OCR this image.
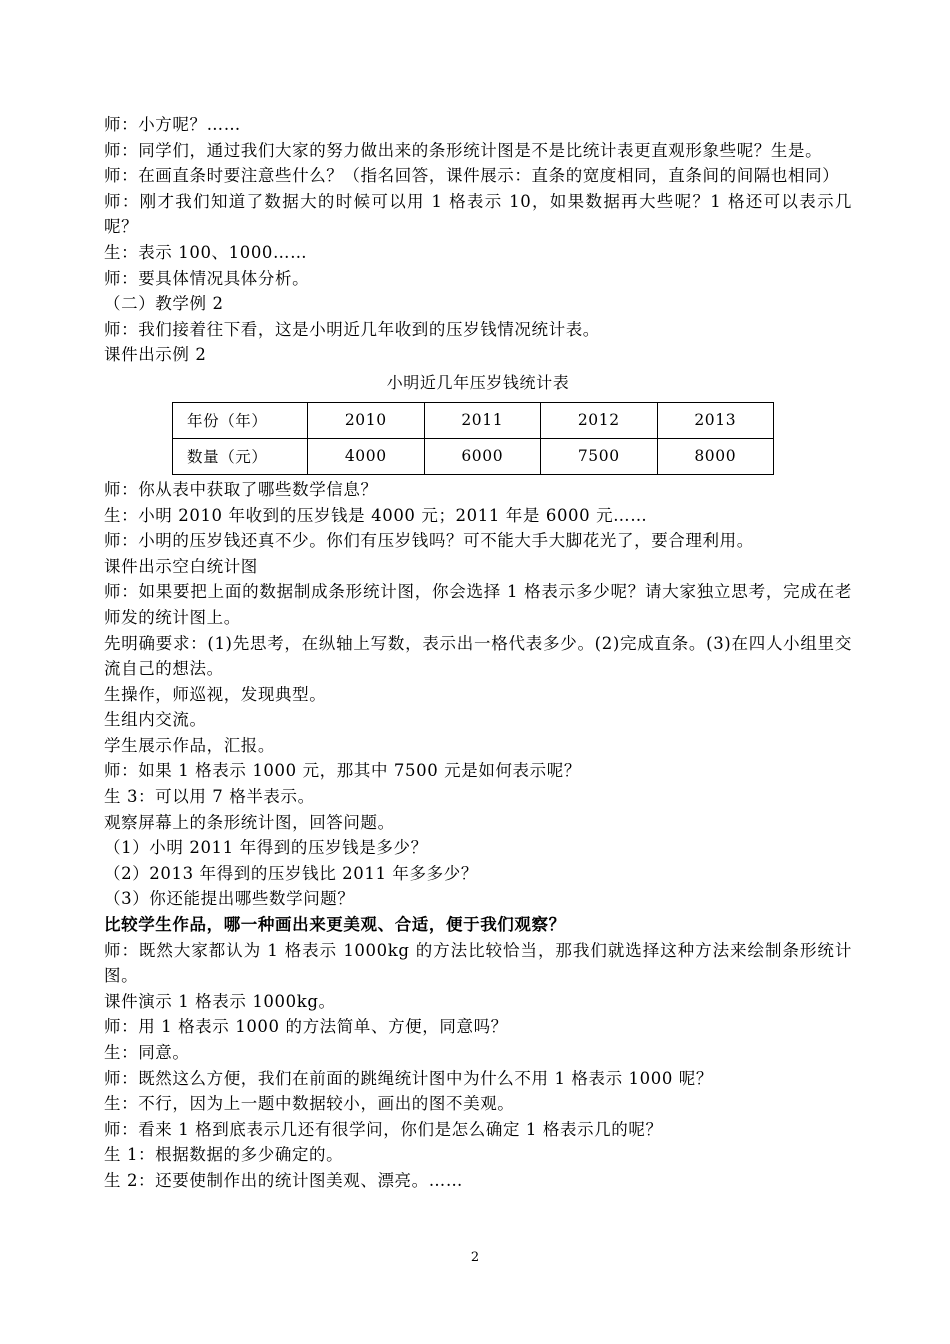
师：小方呢？……
师：同学们，通过我们大家的努力做出来的条形统计图是不是比统计表更直观形象些呢？生是。
师：在画直条时要注意些什么？（指名回答，课件展示：直条的宽度相同，直条间的间隔也相同）
师：刚才我们知道了数据大的时候可以用 1 格表示 10，如果数据再大些呢？1 格还可以表示几呢？
生：表示 100、1000……
师：要具体情况具体分析。
（二）教学例 2
师：我们接着往下看，这是小明近几年收到的压岁钱情况统计表。
课件出示例 2
小明近几年压岁钱统计表
年份（年）	2010	2011	2012	2013
数量（元）	4000	6000	7500	8000
师：你从表中获取了哪些数学信息？
生：小明 2010 年收到的压岁钱是 4000 元；2011 年是 6000 元……
师：小明的压岁钱还真不少。你们有压岁钱吗？可不能大手大脚花光了，要合理利用。
课件出示空白统计图
师：如果要把上面的数据制成条形统计图，你会选择 1 格表示多少呢？请大家独立思考，完成在老师发的统计图上。
先明确要求：(1)先思考，在纵轴上写数，表示出一格代表多少。(2)完成直条。(3)在四人小组里交流自己的想法。
生操作，师巡视，发现典型。
生组内交流。
学生展示作品，汇报。
师：如果 1 格表示 1000 元，那其中 7500 元是如何表示呢？
生 3：可以用 7 格半表示。
观察屏幕上的条形统计图，回答问题。
（1）小明 2011 年得到的压岁钱是多少？
（2）2013 年得到的压岁钱比 2011 年多多少？
（3）你还能提出哪些数学问题？
比较学生作品，哪一种画出来更美观、合适，便于我们观察？
师：既然大家都认为 1 格表示 1000kg 的方法比较恰当，那我们就选择这种方法来绘制条形统计图。
课件演示 1 格表示 1000kg。
师：用 1 格表示 1000 的方法简单、方便，同意吗？
生：同意。
师：既然这么方便，我们在前面的跳绳统计图中为什么不用 1 格表示 1000 呢？
生：不行，因为上一题中数据较小，画出的图不美观。
师：看来 1 格到底表示几还有很学问，你们是怎么确定 1 格表示几的呢？
生 1：根据数据的多少确定的。
生 2：还要使制作出的统计图美观、漂亮。……
2
